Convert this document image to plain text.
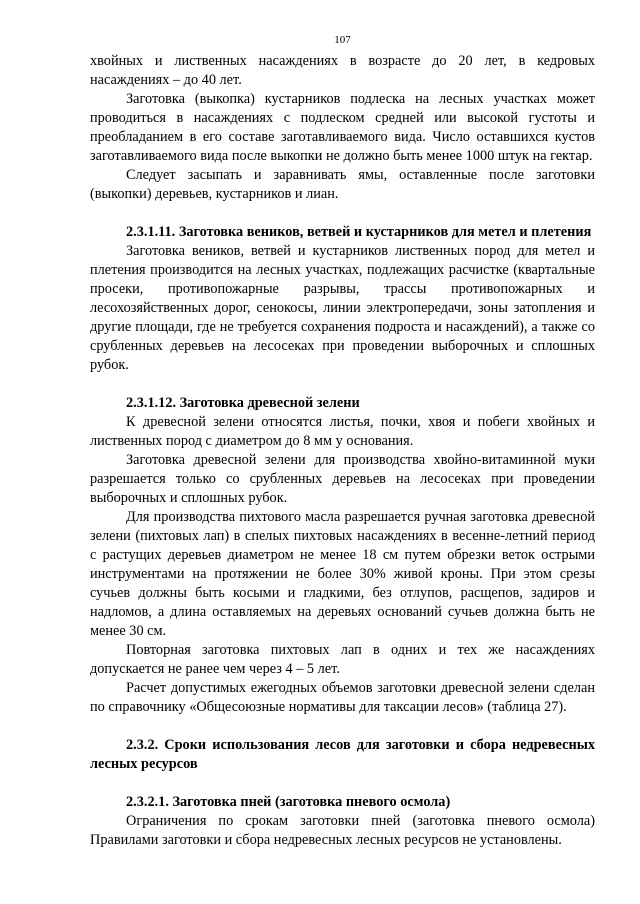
107

хвойных и лиственных насаждениях в возрасте до 20 лет, в кедровых насаждениях – до 40 лет.

Заготовка (выкопка) кустарников подлеска на лесных участках может проводиться в насаждениях с подлеском средней или высокой густоты и преобладанием в его составе заготавливаемого вида. Число оставшихся кустов заготавливаемого вида после выкопки не должно быть менее 1000 штук на гектар.

Следует засыпать и заравнивать ямы, оставленные после заготовки (выкопки) деревьев, кустарников и лиан.

2.3.1.11. Заготовка веников, ветвей и кустарников для метел и плетения

Заготовка веников, ветвей и кустарников лиственных пород для метел и плетения производится на лесных участках, подлежащих расчистке (квартальные просеки, противопожарные разрывы, трассы противопожарных и лесохозяйственных дорог, сенокосы, линии электропередачи, зоны затопления и другие площади, где не требуется сохранения подроста и насаждений), а также со срубленных деревьев на лесосеках при проведении выборочных и сплошных рубок.

2.3.1.12. Заготовка древесной зелени

К древесной зелени относятся листья, почки, хвоя и побеги хвойных и лиственных пород с диаметром до 8 мм у основания.

Заготовка древесной зелени для производства хвойно-витаминной муки разрешается только со срубленных деревьев на лесосеках при проведении выборочных и сплошных рубок.

Для производства пихтового масла разрешается ручная заготовка древесной зелени (пихтовых лап) в спелых пихтовых насаждениях в весенне-летний период с растущих деревьев диаметром не менее 18 см путем обрезки веток острыми инструментами на протяжении не более 30% живой кроны. При этом срезы сучьев должны быть косыми и гладкими, без отлупов, расщепов, задиров и надломов, а длина оставляемых на деревьях оснований сучьев должна быть не менее 30 см.

Повторная заготовка пихтовых лап в одних и тех же насаждениях допускается не ранее чем через 4 – 5 лет.

Расчет допустимых ежегодных объемов заготовки древесной зелени сделан по справочнику «Общесоюзные нормативы для таксации лесов» (таблица 27).

2.3.2. Сроки использования лесов для заготовки и сбора недревесных лесных ресурсов

2.3.2.1. Заготовка пней (заготовка пневого осмола)

Ограничения по срокам заготовки пней (заготовка пневого осмола) Правилами заготовки и сбора недревесных лесных ресурсов не установлены.
